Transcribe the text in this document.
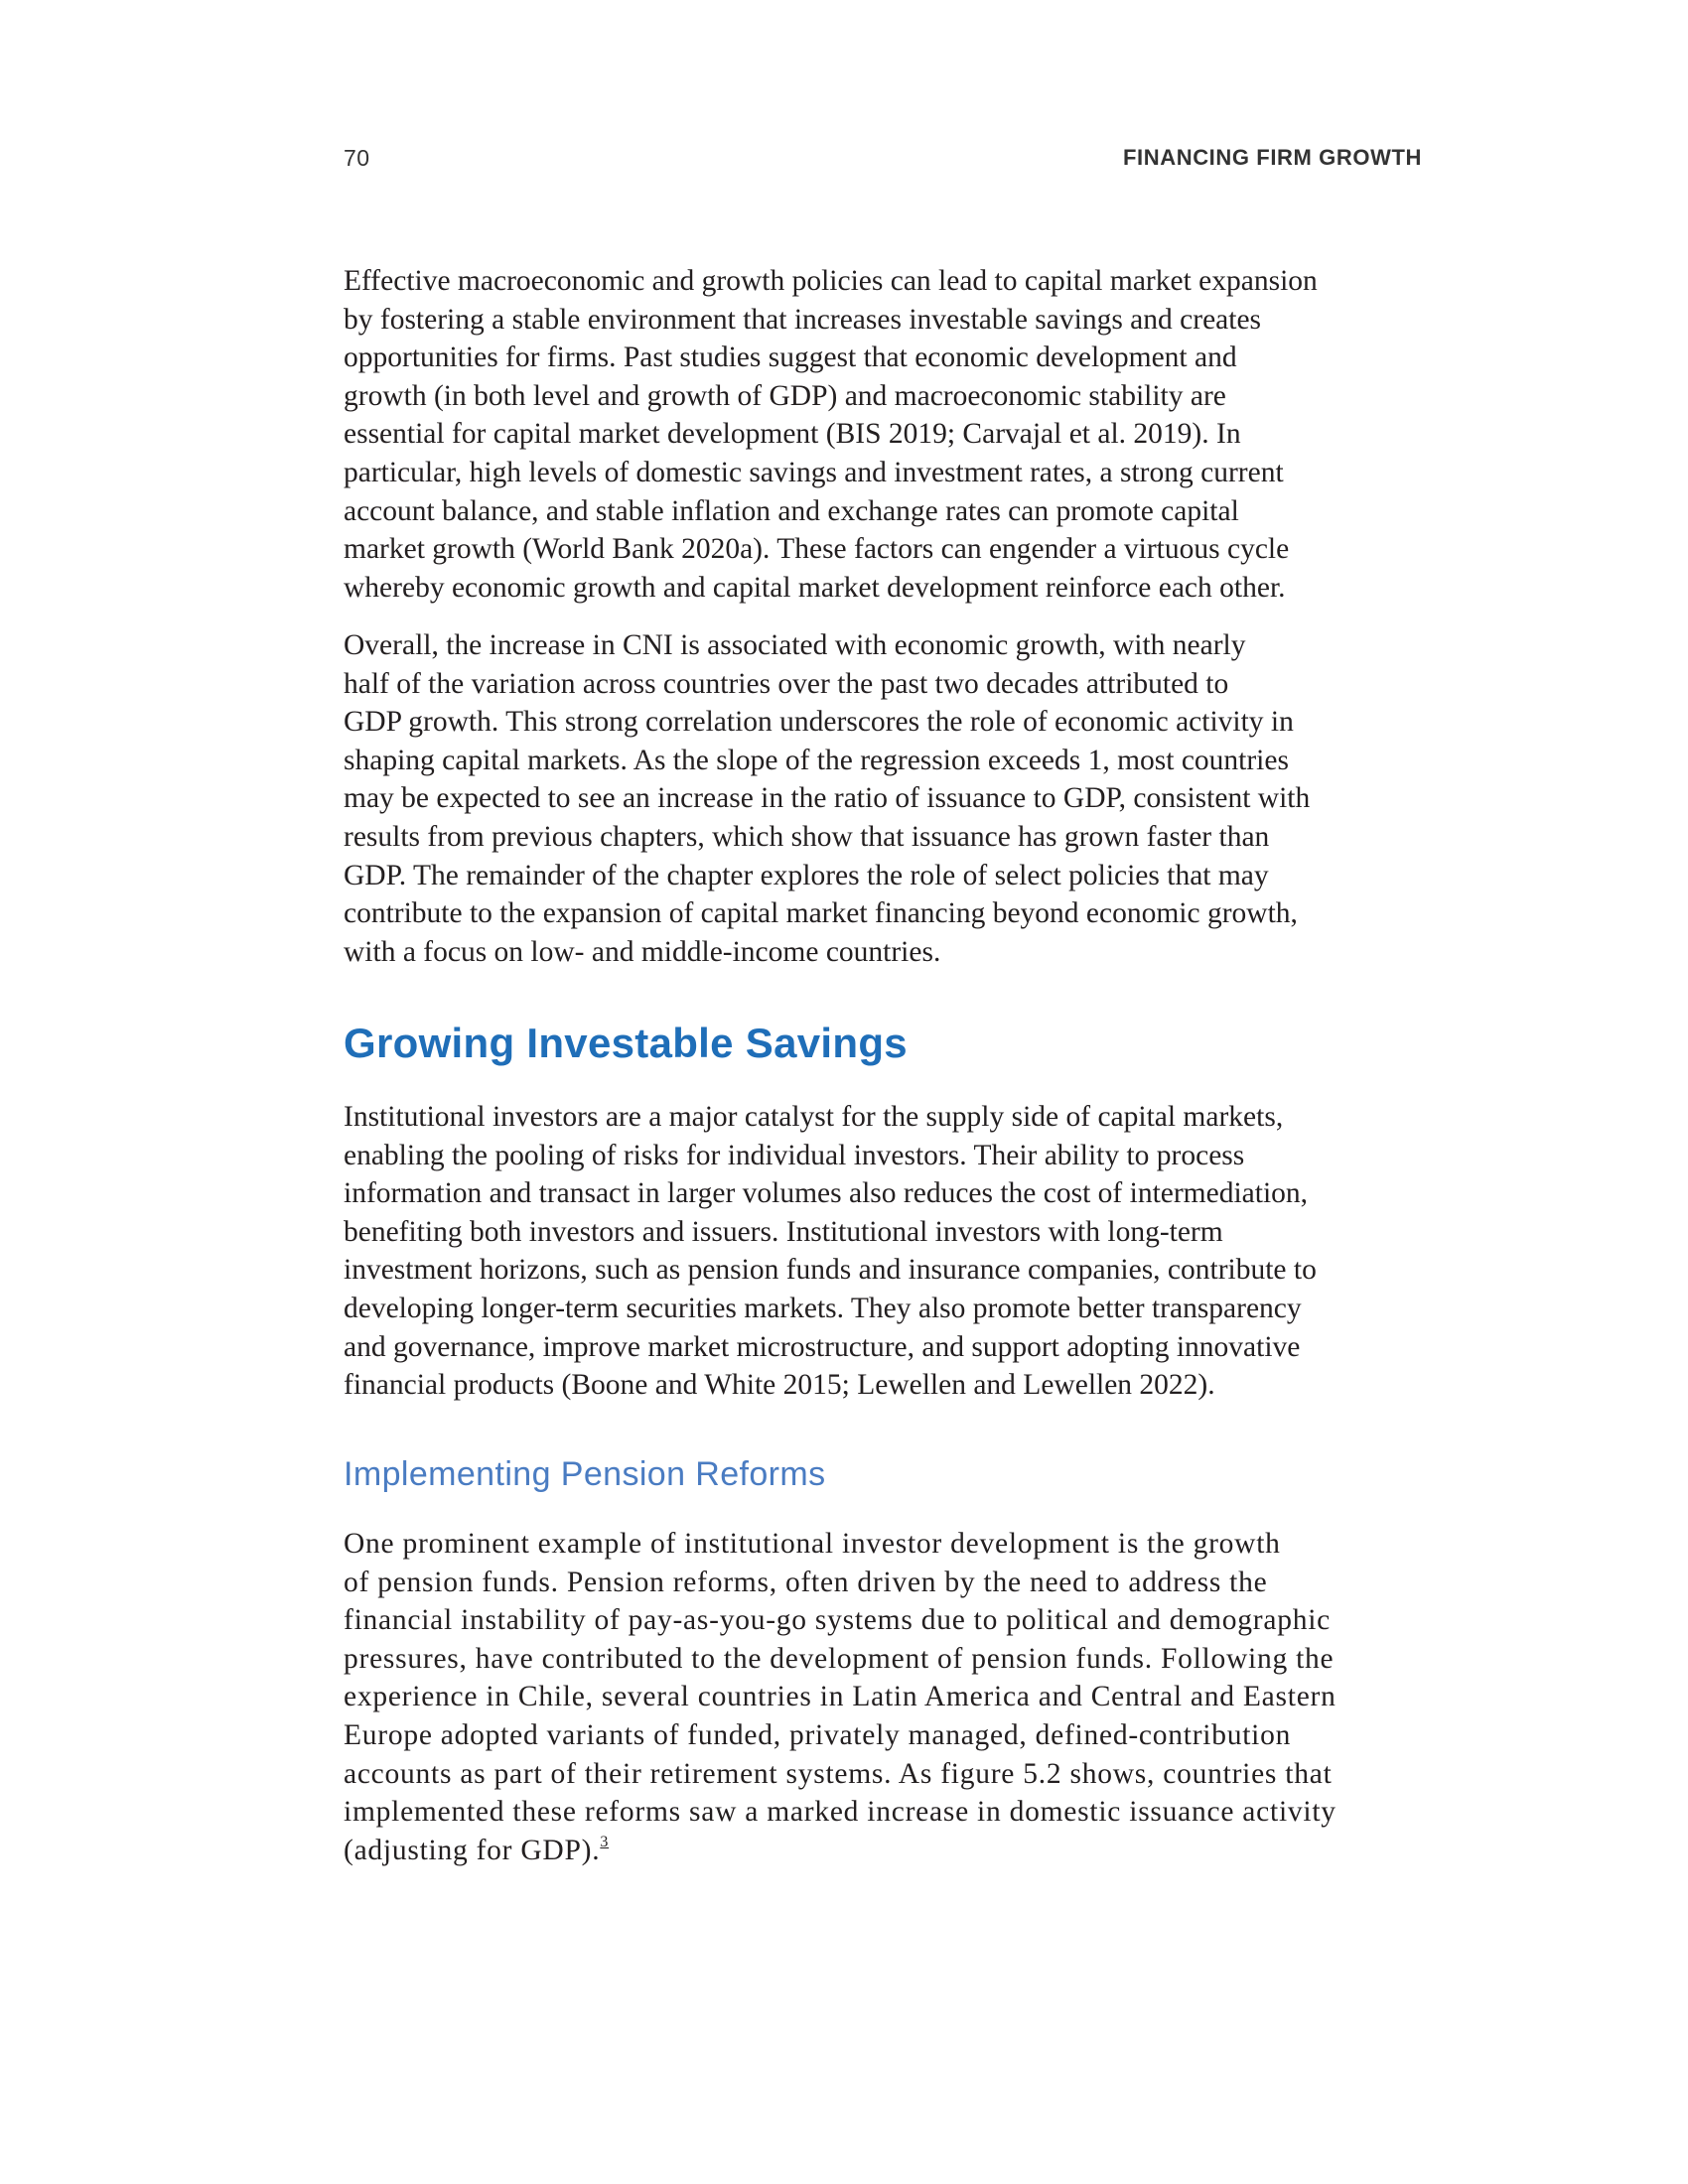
70	FINANCING FIRM GROWTH

Effective macroeconomic and growth policies can lead to capital market expansion

by fostering a stable environment that increases investable savings and creates

opportunities for firms. Past studies suggest that economic development and

growth (in both level and growth of GDP) and macroeconomic stability are

essential for capital market development (BIS 2019; Carvajal et al. 2019). In

particular, high levels of domestic savings and investment rates, a strong current

account balance, and stable inflation and exchange rates can promote capital

market growth (World Bank 2020a). These factors can engender a virtuous cycle

whereby economic growth and capital market development reinforce each other.

Overall, the increase in CNI is associated with economic growth, with nearly

half of the variation across countries over the past two decades attributed to

GDP growth. This strong correlation underscores the role of economic activity in

shaping capital markets. As the slope of the regression exceeds 1, most countries

may be expected to see an increase in the ratio of issuance to GDP, consistent with

results from previous chapters, which show that issuance has grown faster than

GDP. The remainder of the chapter explores the role of select policies that may

contribute to the expansion of capital market financing beyond economic growth,

with a focus on low- and middle-income countries.

Growing Investable Savings

Institutional investors are a major catalyst for the supply side of capital markets,

enabling the pooling of risks for individual investors. Their ability to process

information and transact in larger volumes also reduces the cost of intermediation,

benefiting both investors and issuers. Institutional investors with long-term

investment horizons, such as pension funds and insurance companies, contribute to

developing longer-term securities markets. They also promote better transparency

and governance, improve market microstructure, and support adopting innovative

financial products (Boone and White 2015; Lewellen and Lewellen 2022).

Implementing Pension Reforms

One prominent example of institutional investor development is the growth

of pension funds. Pension reforms, often driven by the need to address the

financial instability of pay-as-you-go systems due to political and demographic

pressures, have contributed to the development of pension funds. Following the

experience in Chile, several countries in Latin America and Central and Eastern

Europe adopted variants of funded, privately managed, defined-contribution

accounts as part of their retirement systems. As figure 5.2 shows, countries that

implemented these reforms saw a marked increase in domestic issuance activity

(adjusting for GDP).$^3$
